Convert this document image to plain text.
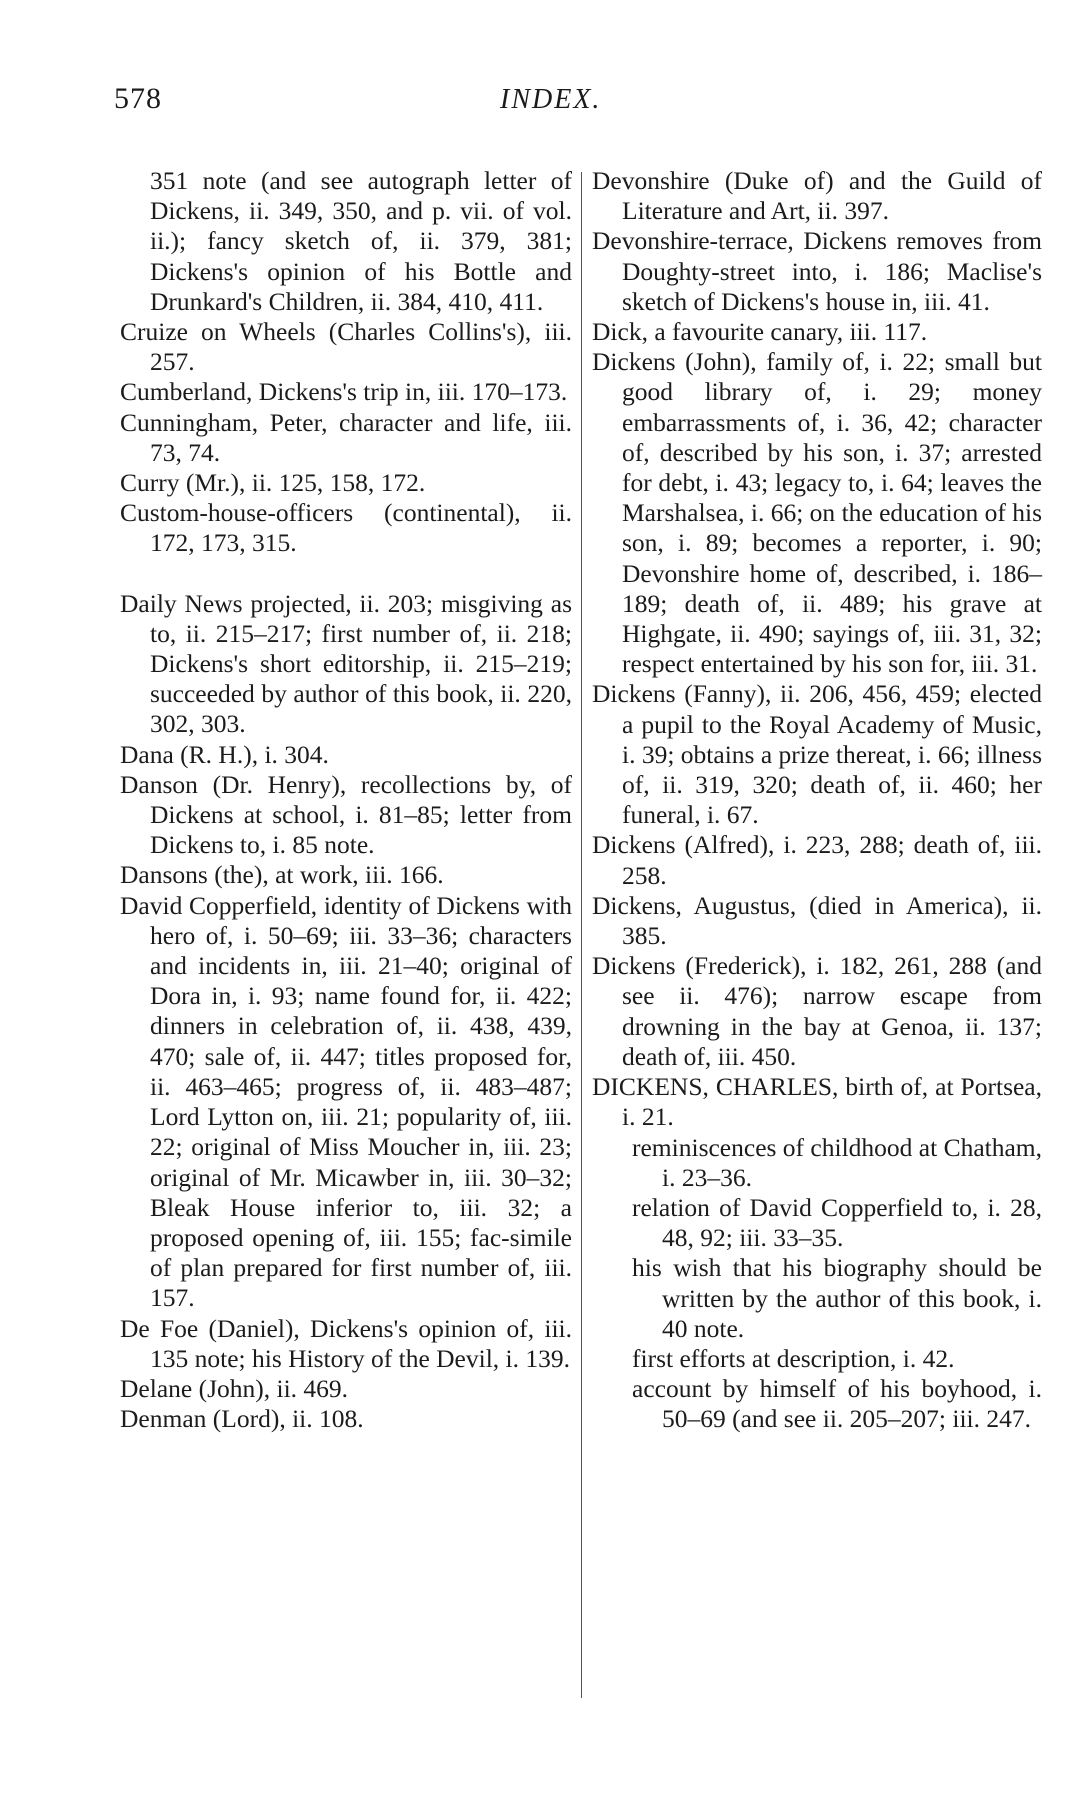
578	INDEX.
351 note (and see autograph letter of Dickens, ii. 349, 350, and p. vii. of vol. ii.); fancy sketch of, ii. 379, 381; Dickens's opinion of his Bottle and Drunkard's Children, ii. 384, 410, 411.
Cruize on Wheels (Charles Collins's), iii. 257.
Cumberland, Dickens's trip in, iii. 170–173.
Cunningham, Peter, character and life, iii. 73, 74.
Curry (Mr.), ii. 125, 158, 172.
Custom-house-officers (continental), ii. 172, 173, 315.
Daily News projected, ii. 203; misgiving as to, ii. 215–217; first number of, ii. 218; Dickens's short editorship, ii. 215–219; succeeded by author of this book, ii. 220, 302, 303.
Dana (R. H.), i. 304.
Danson (Dr. Henry), recollections by, of Dickens at school, i. 81–85; letter from Dickens to, i. 85 note.
Dansons (the), at work, iii. 166.
David Copperfield, identity of Dickens with hero of, i. 50–69; iii. 33–36; characters and incidents in, iii. 21–40; original of Dora in, i. 93; name found for, ii. 422; dinners in celebration of, ii. 438, 439, 470; sale of, ii. 447; titles proposed for, ii. 463–465; progress of, ii. 483–487; Lord Lytton on, iii. 21; popularity of, iii. 22; original of Miss Moucher in, iii. 23; original of Mr. Micawber in, iii. 30–32; Bleak House inferior to, iii. 32; a proposed opening of, iii. 155; fac-simile of plan prepared for first number of, iii. 157.
De Foe (Daniel), Dickens's opinion of, iii. 135 note; his History of the Devil, i. 139.
Delane (John), ii. 469.
Denman (Lord), ii. 108.
Devonshire (Duke of) and the Guild of Literature and Art, ii. 397.
Devonshire-terrace, Dickens removes from Doughty-street into, i. 186; Maclise's sketch of Dickens's house in, iii. 41.
Dick, a favourite canary, iii. 117.
Dickens (John), family of, i. 22; small but good library of, i. 29; money embarrassments of, i. 36, 42; character of, described by his son, i. 37; arrested for debt, i. 43; legacy to, i. 64; leaves the Marshalsea, i. 66; on the education of his son, i. 89; becomes a reporter, i. 90; Devonshire home of, described, i. 186–189; death of, ii. 489; his grave at Highgate, ii. 490; sayings of, iii. 31, 32; respect entertained by his son for, iii. 31.
Dickens (Fanny), ii. 206, 456, 459; elected a pupil to the Royal Academy of Music, i. 39; obtains a prize thereat, i. 66; illness of, ii. 319, 320; death of, ii. 460; her funeral, i. 67.
Dickens (Alfred), i. 223, 288; death of, iii. 258.
Dickens, Augustus, (died in America), ii. 385.
Dickens (Frederick), i. 182, 261, 288 (and see ii. 476); narrow escape from drowning in the bay at Genoa, ii. 137; death of, iii. 450.
DICKENS, CHARLES, birth of, at Portsea, i. 21.
reminiscences of childhood at Chatham, i. 23–36.
relation of David Copperfield to, i. 28, 48, 92; iii. 33–35.
his wish that his biography should be written by the author of this book, i. 40 note.
first efforts at description, i. 42.
account by himself of his boyhood, i. 50–69 (and see ii. 205–207; iii. 247.
